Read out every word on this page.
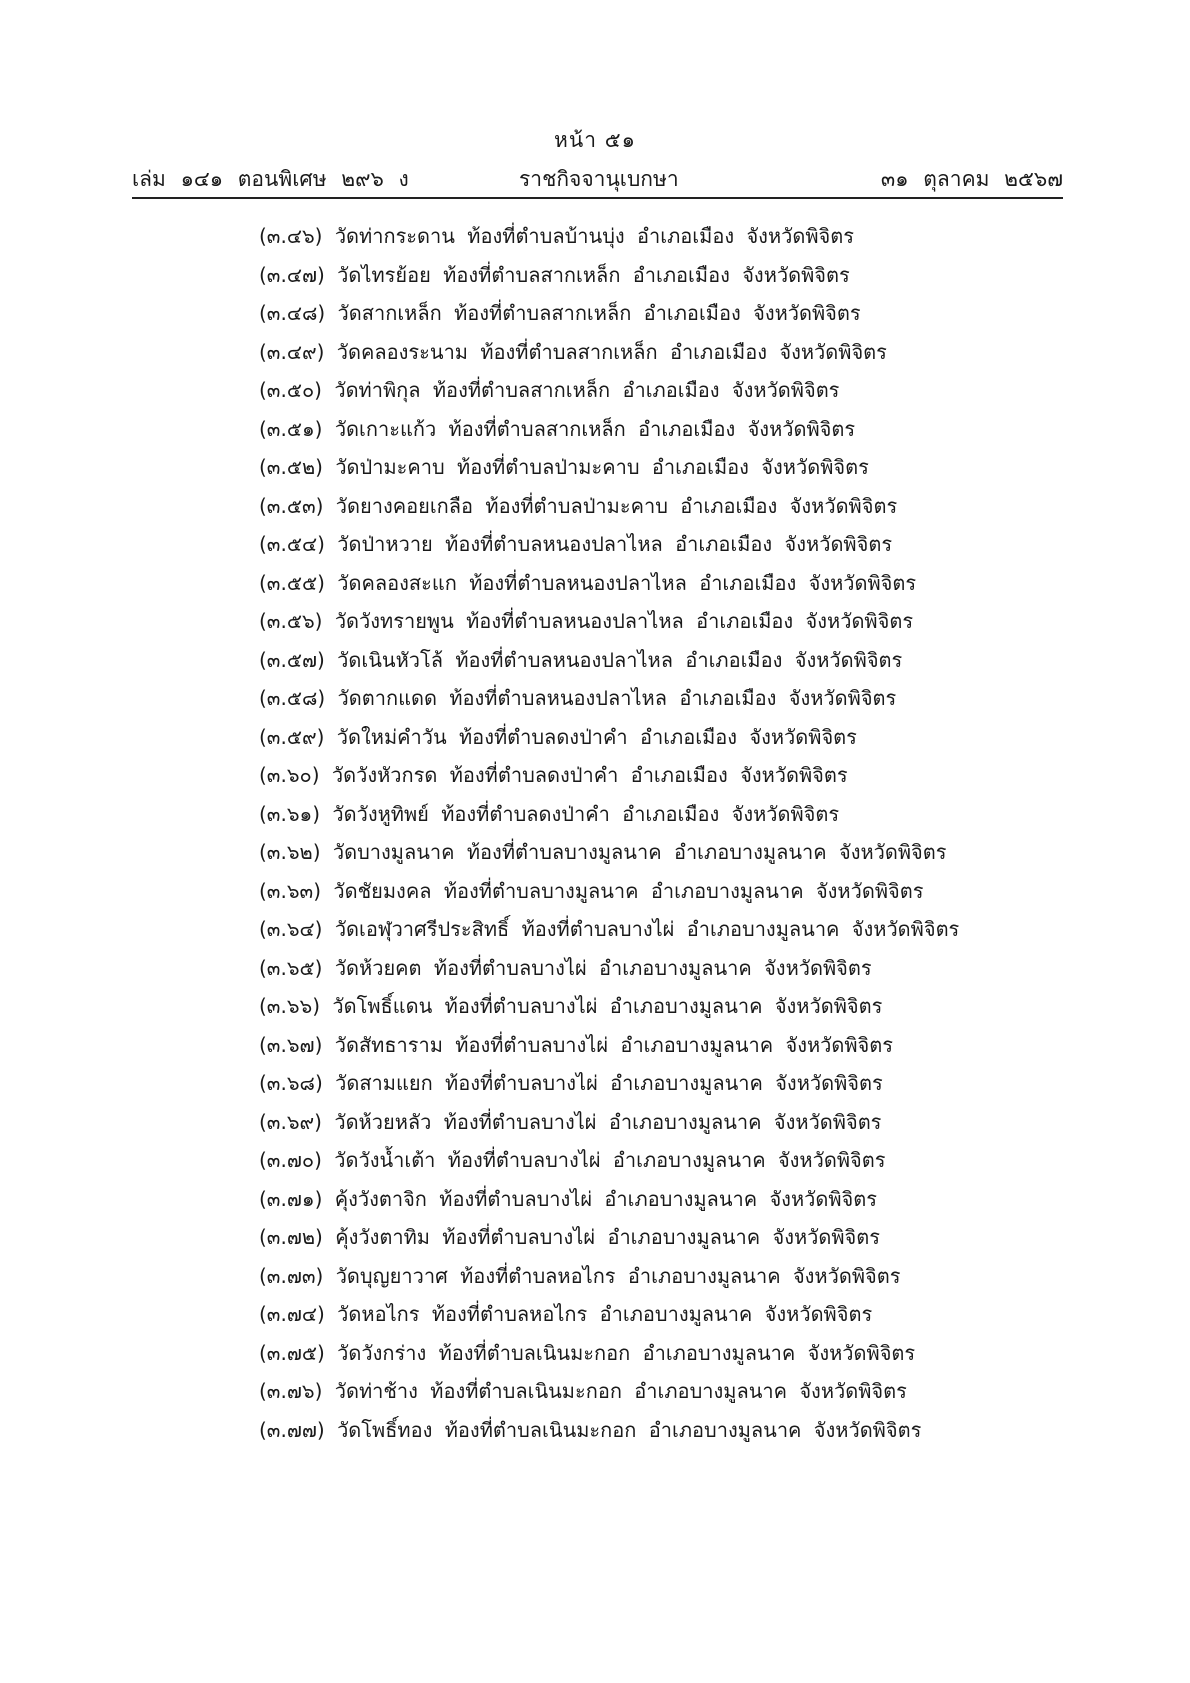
หน้า ๕๑
เล่ม ๑๔๑ ตอนพิเศษ ๒๙๖ ง	ราชกิจจานุเบกษา	๓๑ ตุลาคม ๒๕๖๗
(๓.๔๖) วัดท่ากระดาน ท้องที่ตำบลบ้านบุ่ง อำเภอเมือง จังหวัดพิจิตร
(๓.๔๗) วัดไทรย้อย ท้องที่ตำบลสากเหล็ก อำเภอเมือง จังหวัดพิจิตร
(๓.๔๘) วัดสากเหล็ก ท้องที่ตำบลสากเหล็ก อำเภอเมือง จังหวัดพิจิตร
(๓.๔๙) วัดคลองระนาม ท้องที่ตำบลสากเหล็ก อำเภอเมือง จังหวัดพิจิตร
(๓.๕๐) วัดท่าพิกุล ท้องที่ตำบลสากเหล็ก อำเภอเมือง จังหวัดพิจิตร
(๓.๕๑) วัดเกาะแก้ว ท้องที่ตำบลสากเหล็ก อำเภอเมือง จังหวัดพิจิตร
(๓.๕๒) วัดป่ามะคาบ ท้องที่ตำบลป่ามะคาบ อำเภอเมือง จังหวัดพิจิตร
(๓.๕๓) วัดยางคอยเกลือ ท้องที่ตำบลป่ามะคาบ อำเภอเมือง จังหวัดพิจิตร
(๓.๕๔) วัดป่าหวาย ท้องที่ตำบลหนองปลาไหล อำเภอเมือง จังหวัดพิจิตร
(๓.๕๕) วัดคลองสะแก ท้องที่ตำบลหนองปลาไหล อำเภอเมือง จังหวัดพิจิตร
(๓.๕๖) วัดวังทรายพูน ท้องที่ตำบลหนองปลาไหล อำเภอเมือง จังหวัดพิจิตร
(๓.๕๗) วัดเนินหัวโล้ ท้องที่ตำบลหนองปลาไหล อำเภอเมือง จังหวัดพิจิตร
(๓.๕๘) วัดตากแดด ท้องที่ตำบลหนองปลาไหล อำเภอเมือง จังหวัดพิจิตร
(๓.๕๙) วัดใหม่คำวัน ท้องที่ตำบลดงป่าคำ อำเภอเมือง จังหวัดพิจิตร
(๓.๖๐) วัดวังหัวกรด ท้องที่ตำบลดงป่าคำ อำเภอเมือง จังหวัดพิจิตร
(๓.๖๑) วัดวังหูทิพย์ ท้องที่ตำบลดงป่าคำ อำเภอเมือง จังหวัดพิจิตร
(๓.๖๒) วัดบางมูลนาค ท้องที่ตำบลบางมูลนาค อำเภอบางมูลนาค จังหวัดพิจิตร
(๓.๖๓) วัดชัยมงคล ท้องที่ตำบลบางมูลนาค อำเภอบางมูลนาค จังหวัดพิจิตร
(๓.๖๔) วัดเอฬุวาศรีประสิทธิ์ ท้องที่ตำบลบางไผ่ อำเภอบางมูลนาค จังหวัดพิจิตร
(๓.๖๕) วัดห้วยคต ท้องที่ตำบลบางไผ่ อำเภอบางมูลนาค จังหวัดพิจิตร
(๓.๖๖) วัดโพธิ์แดน ท้องที่ตำบลบางไผ่ อำเภอบางมูลนาค จังหวัดพิจิตร
(๓.๖๗) วัดสัทธาราม ท้องที่ตำบลบางไผ่ อำเภอบางมูลนาค จังหวัดพิจิตร
(๓.๖๘) วัดสามแยก ท้องที่ตำบลบางไผ่ อำเภอบางมูลนาค จังหวัดพิจิตร
(๓.๖๙) วัดห้วยหลัว ท้องที่ตำบลบางไผ่ อำเภอบางมูลนาค จังหวัดพิจิตร
(๓.๗๐) วัดวังน้ำเต้า ท้องที่ตำบลบางไผ่ อำเภอบางมูลนาค จังหวัดพิจิตร
(๓.๗๑) คุ้งวังตาจิก ท้องที่ตำบลบางไผ่ อำเภอบางมูลนาค จังหวัดพิจิตร
(๓.๗๒) คุ้งวังตาทิม ท้องที่ตำบลบางไผ่ อำเภอบางมูลนาค จังหวัดพิจิตร
(๓.๗๓) วัดบุญยาวาศ ท้องที่ตำบลหอไกร อำเภอบางมูลนาค จังหวัดพิจิตร
(๓.๗๔) วัดหอไกร ท้องที่ตำบลหอไกร อำเภอบางมูลนาค จังหวัดพิจิตร
(๓.๗๕) วัดวังกร่าง ท้องที่ตำบลเนินมะกอก อำเภอบางมูลนาค จังหวัดพิจิตร
(๓.๗๖) วัดท่าช้าง ท้องที่ตำบลเนินมะกอก อำเภอบางมูลนาค จังหวัดพิจิตร
(๓.๗๗) วัดโพธิ์ทอง ท้องที่ตำบลเนินมะกอก อำเภอบางมูลนาค จังหวัดพิจิตร
